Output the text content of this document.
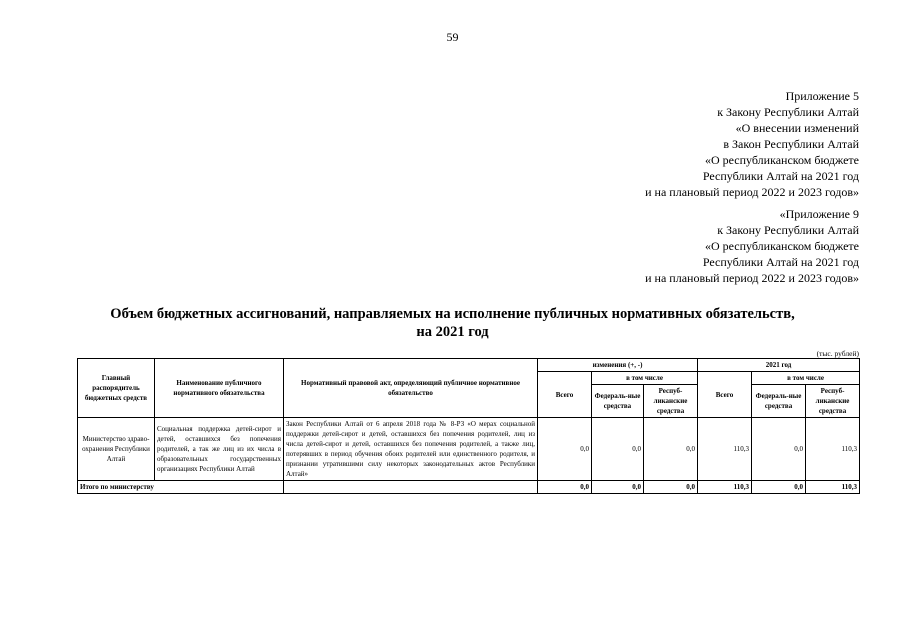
59
Приложение 5
к Закону Республики Алтай
«О внесении изменений
в Закон Республики Алтай
«О республиканском бюджете
Республики Алтай на 2021 год
и на плановый период 2022 и 2023 годов»
«Приложение 9
к Закону Республики Алтай
«О республиканском бюджете
Республики Алтай на 2021 год
и на плановый период 2022 и 2023 годов»
Объем бюджетных ассигнований, направляемых на исполнение публичных нормативных обязательств,
на 2021 год
(тыс. рублей)
Главный распорядитель бюджетных средств	Наименование публичного нормативного обязательства	Нормативный правовой акт, определяющий публичное нормативное обязательство	изменения (+, -)			2021 год		
			Всего	в том числе		Всего	в том числе	
				Федераль-ные средства	Респуб-ликанские средства		Федераль-ные средства	Респуб-ликанские средства
Министерство здраво-охранения Республики Алтай	Социальная поддержка детей-сирот и детей, оставшихся без попечения родителей, а так же лиц из их числа в образовательных государственных организациях Республики Алтай	Закон Республики Алтай от 6 апреля 2018 года № 8-РЗ «О мерах социальной поддержки детей-сирот и детей, оставшихся без попечения родителей, лиц из числа детей-сирот и детей, оставшихся без попечения родителей, а также лиц, потерявших в период обучения обоих родителей или единственного родителя, и признании утратившими силу некоторых законодательных актов Республики Алтай»	0,0	0,0	0,0	110,3	0,0	110,3
Итого по министерству			0,0	0,0	0,0	110,3	0,0	110,3
